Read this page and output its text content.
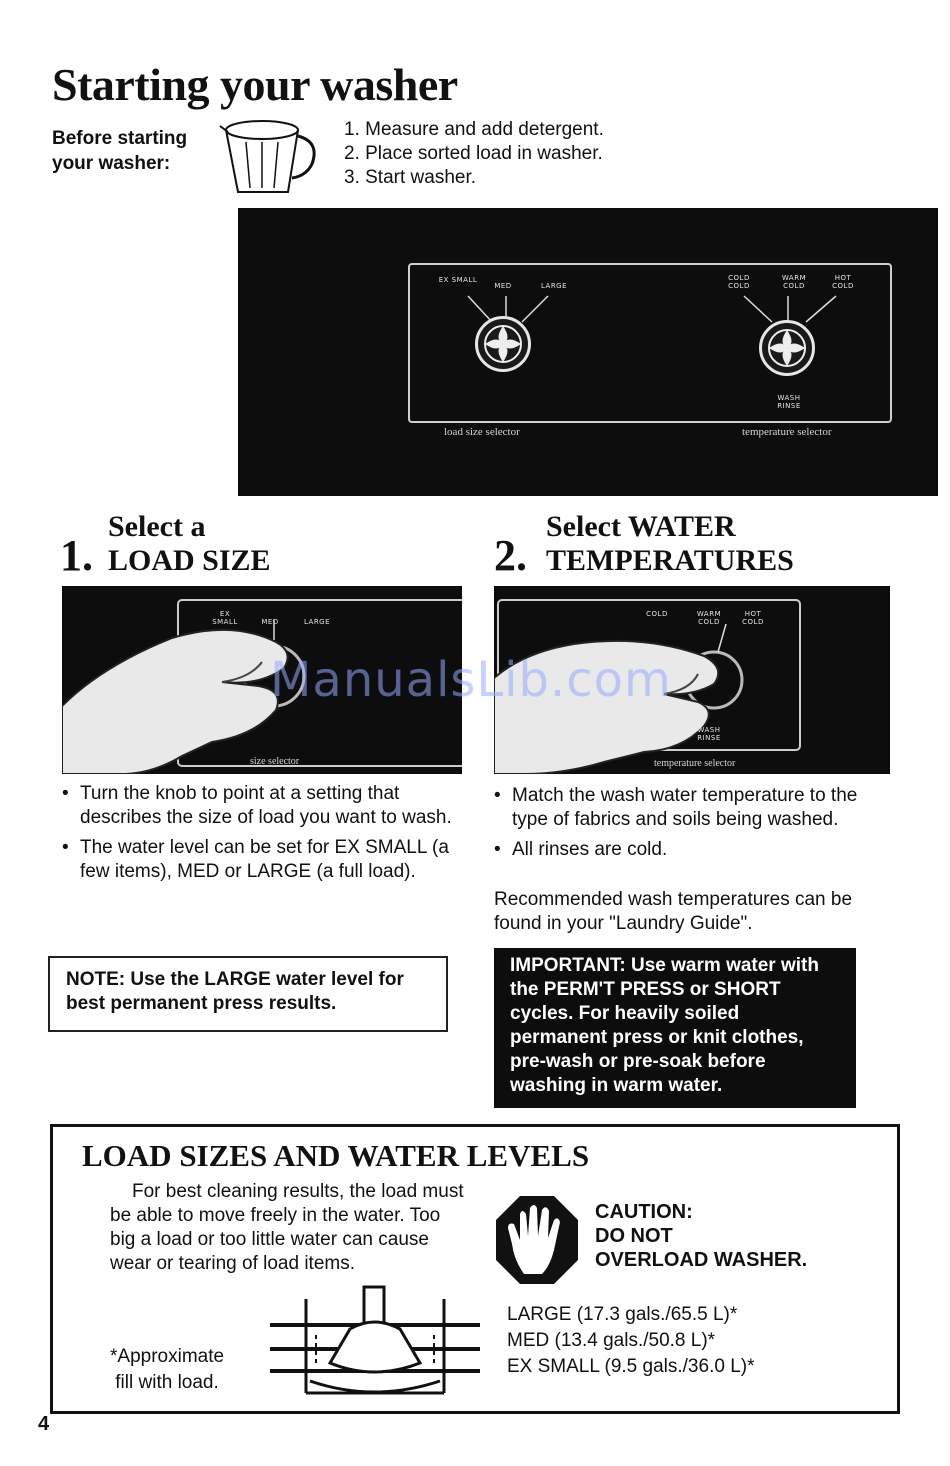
Starting your washer
Before starting
your washer:
1. Measure and add detergent.
2. Place sorted load in washer.
3. Start washer.
EX SMALL
MED	LARGE
COLD COLD
WARM COLD
HOT COLD
WASH RINSE
load size selector	temperature selector
Select a
1. LOAD SIZE
Select WATER
2. TEMPERATURES
EX SMALL	MED	LARGE
size selector
COLD	WARM COLD
HOT COLD
WASH RINSE
temperature selector
• Turn the knob to point at a setting that describes the size of load you want to wash.
• The water level can be set for EX SMALL (a few items), MED or LARGE (a full load).
NOTE: Use the LARGE water level for best permanent press results.
• Match the wash water temperature to the type of fabrics and soils being washed.
• All rinses are cold.
Recommended wash temperatures can be found in your "Laundry Guide".
IMPORTANT: Use warm water with the PERM'T PRESS or SHORT cycles. For heavily soiled permanent press or knit clothes, pre-wash or pre-soak before washing in warm water.
LOAD SIZES AND WATER LEVELS
For best cleaning results, the load must be able to move freely in the water. Too big a load or too little water can cause wear or tearing of load items.
CAUTION:
DO NOT
OVERLOAD WASHER.
*Approximate
fill with load.
LARGE (17.3 gals./65.5 L)*
MED (13.4 gals./50.8 L)*
EX SMALL (9.5 gals./36.0 L)*
4
ManualsLib.com
